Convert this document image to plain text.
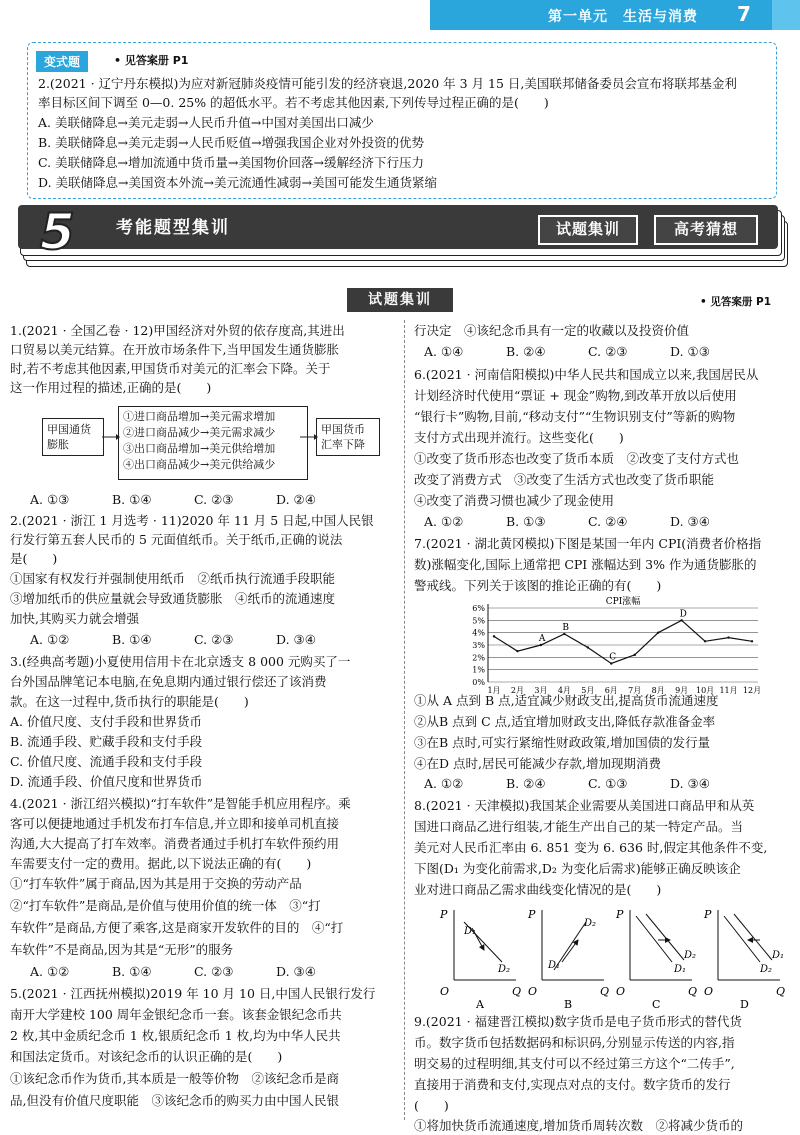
第一单元　生活与消费 7
变式题	• 见答案册 P1
2.(2021 · 辽宁丹东模拟)为应对新冠肺炎疫情可能引发的经济衰退,2020 年 3 月 15 日,美国联邦储备委员会宣布将联邦基金利
率目标区间下调至 0—0. 25% 的超低水平。若不考虑其他因素,下列传导过程正确的是(　　)
A. 美联储降息→美元走弱→人民币升值→中国对美国出口减少
B. 美联储降息→美元走弱→人民币贬值→增强我国企业对外投资的优势
C. 美联储降息→增加流通中货币量→美国物价回落→缓解经济下行压力
D. 美联储降息→美国资本外流→美元流通性减弱→美国可能发生通货紧缩
5 考能题型集训	试题集训	高考猜想
试题集训	• 见答案册 P1
1.(2021 · 全国乙卷 · 12)甲国经济对外贸的依存度高,其进出
口贸易以美元结算。在开放市场条件下,当甲国发生通货膨胀
时,若不考虑其他因素,甲国货币对美元的汇率会下降。关于
这一作用过程的描述,正确的是(　　)
甲国通货膨胀
①进口商品增加→美元需求增加
②进口商品减少→美元需求减少
③出口商品增加→美元供给增加
④出口商品减少→美元供给减少
甲国货币汇率下降
A. ①③	B. ①④	C. ②③	D. ②④
2.(2021 · 浙江 1 月选考 · 11)2020 年 11 月 5 日起,中国人民银
行发行第五套人民币的 5 元面值纸币。关于纸币,正确的说法
是(　　)
①国家有权发行并强制使用纸币　②纸币执行流通手段职能
③增加纸币的供应量就会导致通货膨胀　④纸币的流通速度
加快,其购买力就会增强
A. ①②	B. ①④	C. ②③	D. ③④
3.(经典高考题)小夏使用信用卡在北京透支 8 000 元购买了一
台外国品牌笔记本电脑,在免息期内通过银行偿还了该消费
款。在这一过程中,货币执行的职能是(　　)
A. 价值尺度、支付手段和世界货币
B. 流通手段、贮藏手段和支付手段
C. 价值尺度、流通手段和支付手段
D. 流通手段、价值尺度和世界货币
4.(2021 · 浙江绍兴模拟)“打车软件”是智能手机应用程序。乘
客可以便捷地通过手机发布打车信息,并立即和接单司机直接
沟通,大大提高了打车效率。消费者通过手机打车软件预约用
车需要支付一定的费用。据此,以下说法正确的有(　　)
①“打车软件”属于商品,因为其是用于交换的劳动产品
②“打车软件”是商品,是价值与使用价值的统一体　③“打
车软件”是商品,方便了乘客,这是商家开发软件的目的　④“打
车软件”不是商品,因为其是“无形”的服务
A. ①②	B. ①④	C. ②③	D. ③④
5.(2021 · 江西抚州模拟)2019 年 10 月 10 日,中国人民银行发行
南开大学建校 100 周年金银纪念币一套。该套金银纪念币共
2 枚,其中金质纪念币 1 枚,银质纪念币 1 枚,均为中华人民共
和国法定货币。对该纪念币的认识正确的是(　　)
①该纪念币作为货币,其本质是一般等价物　②该纪念币是商
品,但没有价值尺度职能　③该纪念币的购买力由中国人民银
行决定　④该纪念币具有一定的收藏以及投资价值
A. ①④	B. ②④	C. ②③	D. ①③
6.(2021 · 河南信阳模拟)中华人民共和国成立以来,我国居民从
计划经济时代使用“票证 + 现金”购物,到改革开放以后使用
“银行卡”购物,目前,“移动支付”“生物识别支付”等新的购物
支付方式出现并流行。这些变化(　　)
①改变了货币形态也改变了货币本质　②改变了支付方式也
改变了消费方式　③改变了生活方式也改变了货币职能
④改变了消费习惯也减少了现金使用
A. ①②	B. ①③	C. ②④	D. ③④
7.(2021 · 湖北黄冈模拟)下图是某国一年内 CPI(消费者价格指
数)涨幅变化,国际上通常把 CPI 涨幅达到 3% 作为通货膨胀的
警戒线。下列关于该图的推论正确的有(　　)
CPI涨幅
0%
1%
2%
3%
4%
5%
6%
1月 2月 3月 4月 5月 6月 7月 8月 9月 10月 11月 12月
A
B
C
D
①从 A 点到 B 点,适宜减少财政支出,提高货币流通速度
②从B 点到 C 点,适宜增加财政支出,降低存款准备金率
③在B 点时,可实行紧缩性财政政策,增加国债的发行量
④在D 点时,居民可能减少存款,增加现期消费
A. ①②	B. ②④	C. ①③	D. ③④
8.(2021 · 天津模拟)我国某企业需要从美国进口商品甲和从英
国进口商品乙进行组装,才能生产出自己的某一特定产品。当
美元对人民币汇率由 6. 851 变为 6. 636 时,假定其他条件不变,
下图(D₁ 为变化前需求,D₂ 为变化后需求)能够正确反映该企
业对进口商品乙需求曲线变化情况的是(　　)
P
Q
O
D₁
D₂
A
P
Q
O
D₁
D₂
B
P
Q
O
D₁
D₂
C
P
Q
O
D₁
D₂
D
9.(2021 · 福建晋江模拟)数字货币是电子货币形式的替代货
币。数字货币包括数据码和标识码,分别显示传送的内容,指
明交易的过程明细,其支付可以不经过第三方这个“二传手”,
直接用于消费和支付,实现点对点的支付。数字货币的发行
(　　)
①将加快货币流通速度,增加货币周转次数　②将减少货币的
